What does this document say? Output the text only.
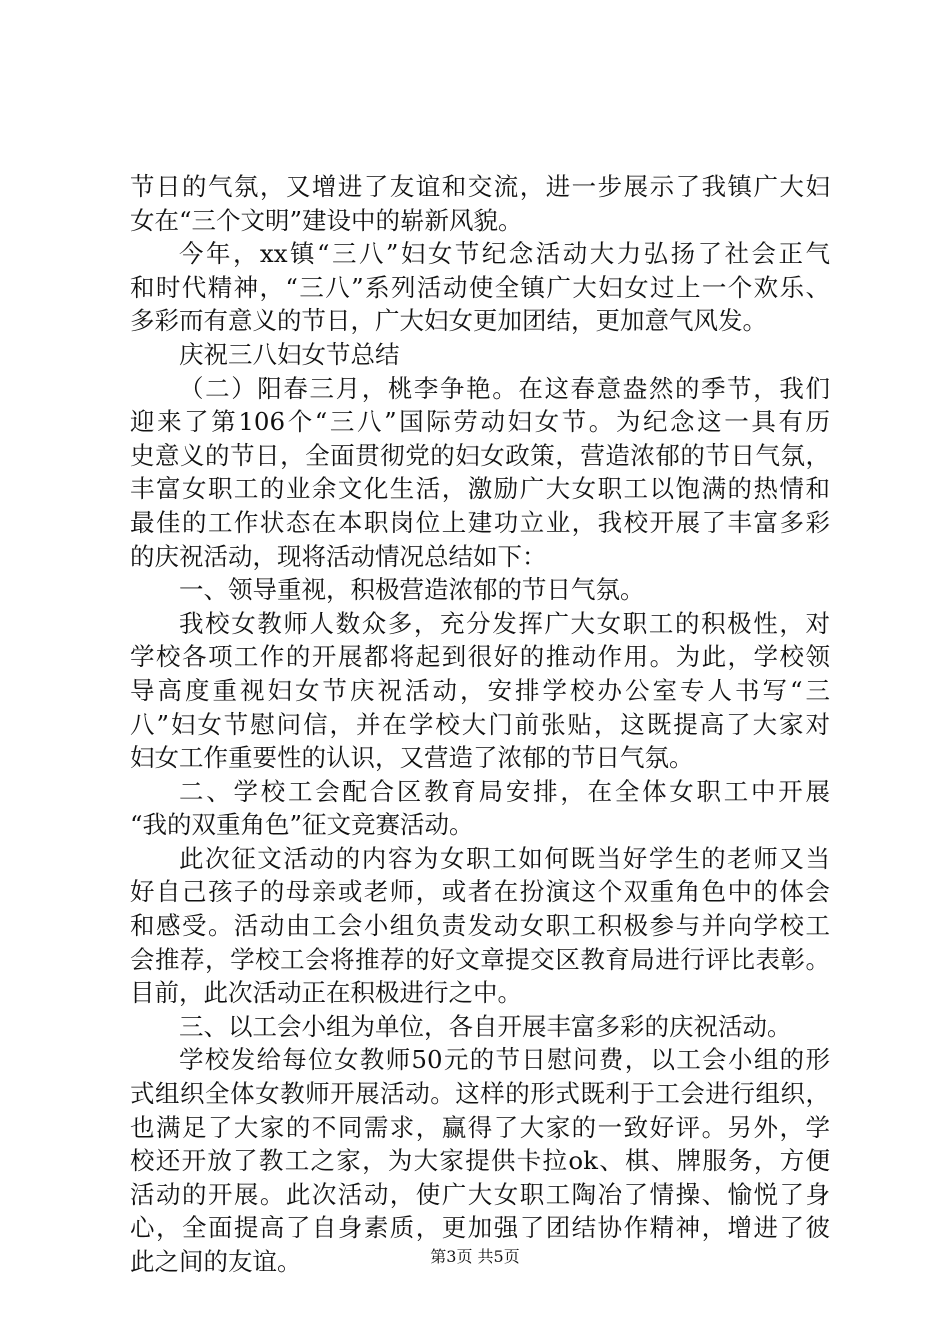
节日的气氛，又增进了友谊和交流，进一步展示了我镇广大妇
女在“三个文明”建设中的崭新风貌。
今年，xx镇“三八”妇女节纪念活动大力弘扬了社会正气
和时代精神，“三八”系列活动使全镇广大妇女过上一个欢乐、
多彩而有意义的节日，广大妇女更加团结，更加意气风发。
庆祝三八妇女节总结
（二）阳春三月，桃李争艳。在这春意盎然的季节，我们
迎来了第106个“三八”国际劳动妇女节。为纪念这一具有历
史意义的节日，全面贯彻党的妇女政策，营造浓郁的节日气氛，
丰富女职工的业余文化生活，激励广大女职工以饱满的热情和
最佳的工作状态在本职岗位上建功立业，我校开展了丰富多彩
的庆祝活动，现将活动情况总结如下：
一、领导重视，积极营造浓郁的节日气氛。
我校女教师人数众多，充分发挥广大女职工的积极性，对
学校各项工作的开展都将起到很好的推动作用。为此，学校领
导高度重视妇女节庆祝活动，安排学校办公室专人书写“三
八”妇女节慰问信，并在学校大门前张贴，这既提高了大家对
妇女工作重要性的认识，又营造了浓郁的节日气氛。
二、学校工会配合区教育局安排，在全体女职工中开展
“我的双重角色”征文竞赛活动。
此次征文活动的内容为女职工如何既当好学生的老师又当
好自己孩子的母亲或老师，或者在扮演这个双重角色中的体会
和感受。活动由工会小组负责发动女职工积极参与并向学校工
会推荐，学校工会将推荐的好文章提交区教育局进行评比表彰。
目前，此次活动正在积极进行之中。
三、以工会小组为单位，各自开展丰富多彩的庆祝活动。
学校发给每位女教师50元的节日慰问费，以工会小组的形
式组织全体女教师开展活动。这样的形式既利于工会进行组织，
也满足了大家的不同需求，赢得了大家的一致好评。另外，学
校还开放了教工之家，为大家提供卡拉ok、棋、牌服务，方便
活动的开展。此次活动，使广大女职工陶冶了情操、愉悦了身
心，全面提高了自身素质，更加强了团结协作精神，增进了彼
此之间的友谊。	第3页 共5页
